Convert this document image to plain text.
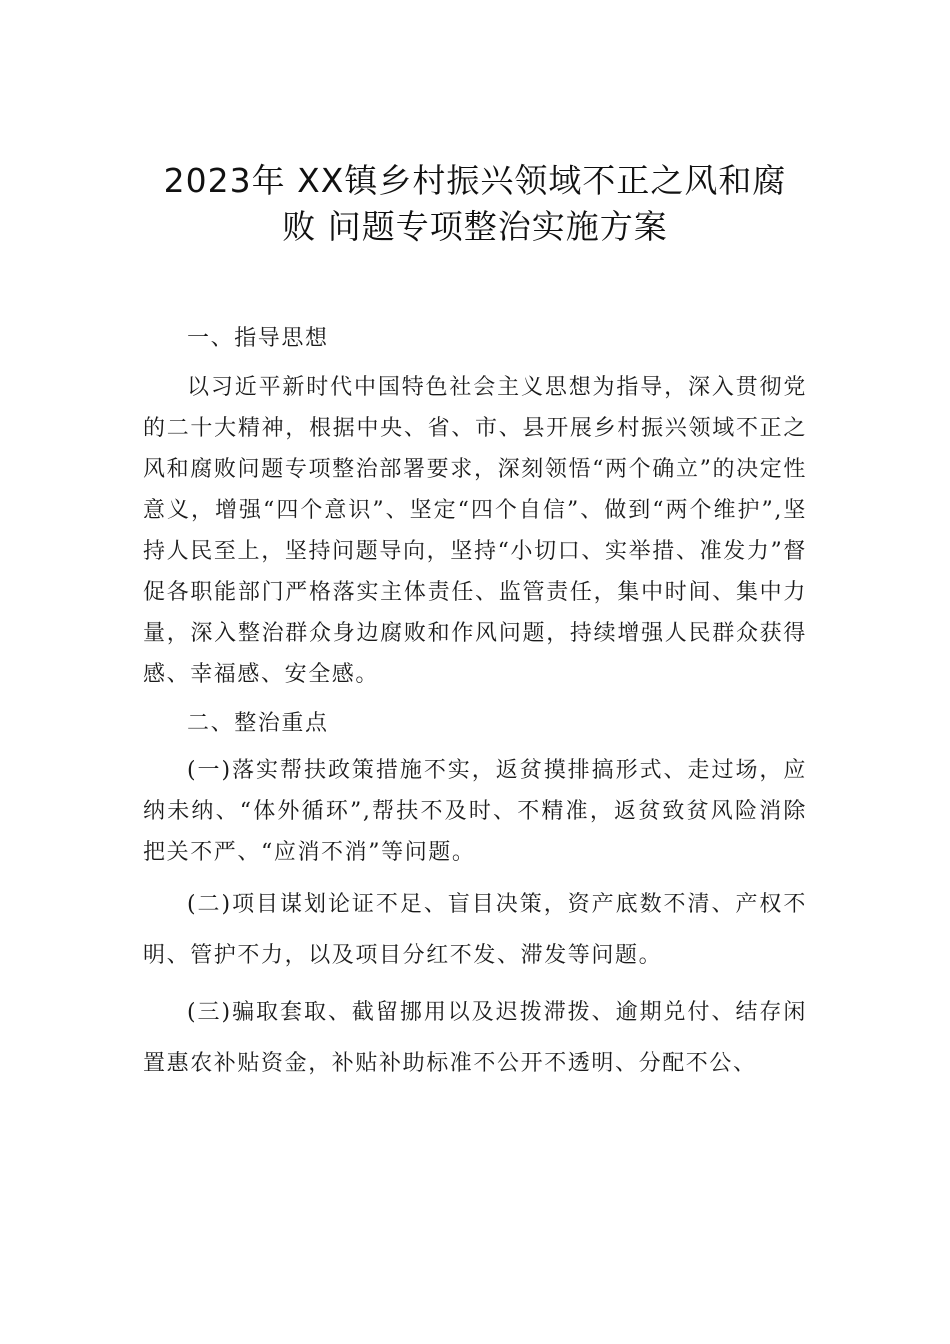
2023年 XX镇乡村振兴领域不正之风和腐
败 问题专项整治实施方案

一、指导思想

以习近平新时代中国特色社会主义思想为指导，深入贯彻党的二十大精神，根据中央、省、市、县开展乡村振兴领域不正之风和腐败问题专项整治部署要求，深刻领悟“两个确立”的决定性意义，增强“四个意识”、坚定“四个自信”、做到“两个维护”,坚持人民至上，坚持问题导向，坚持“小切口、实举措、准发力”督促各职能部门严格落实主体责任、监管责任，集中时间、集中力量，深入整治群众身边腐败和作风问题，持续增强人民群众获得感、幸福感、安全感。

二、整治重点

(一)落实帮扶政策措施不实，返贫摸排搞形式、走过场，应纳未纳、“体外循环”,帮扶不及时、不精准，返贫致贫风险消除把关不严、“应消不消”等问题。

(二)项目谋划论证不足、盲目决策，资产底数不清、产权不明、管护不力，以及项目分红不发、滞发等问题。

(三)骗取套取、截留挪用以及迟拨滞拨、逾期兑付、结存闲置惠农补贴资金，补贴补助标准不公开不透明、分配不公、
